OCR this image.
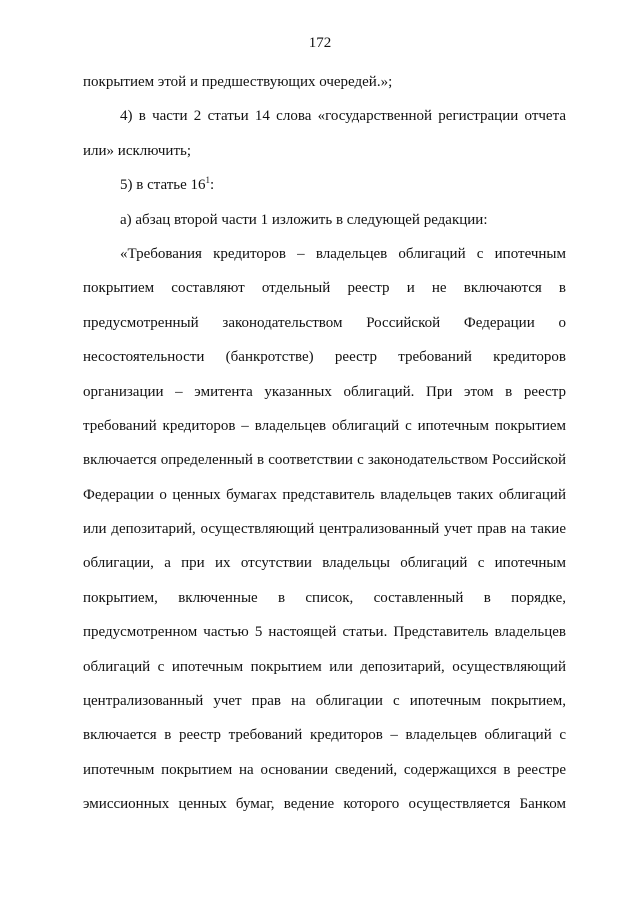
172
покрытием этой и предшествующих очередей.»;
4) в части 2 статьи 14 слова «государственной регистрации отчета
или» исключить;
5) в статье $16^1$:
а) абзац второй части 1 изложить в следующей редакции:
«Требования кредиторов – владельцев облигаций с ипотечным
покрытием составляют отдельный реестр и не включаются в
предусмотренный законодательством Российской Федерации о
несостоятельности (банкротстве) реестр требований кредиторов
организации – эмитента указанных облигаций. При этом в реестр
требований кредиторов – владельцев облигаций с ипотечным покрытием
включается определенный в соответствии с законодательством Российской
Федерации о ценных бумагах представитель владельцев таких облигаций
или депозитарий, осуществляющий централизованный учет прав на такие
облигации, а при их отсутствии владельцы облигаций с ипотечным
покрытием, включенные в список, составленный в порядке,
предусмотренном частью 5 настоящей статьи. Представитель владельцев
облигаций с ипотечным покрытием или депозитарий, осуществляющий
централизованный учет прав на облигации с ипотечным покрытием,
включается в реестр требований кредиторов – владельцев облигаций с
ипотечным покрытием на основании сведений, содержащихся в реестре
эмиссионных ценных бумаг, ведение которого осуществляется Банком
